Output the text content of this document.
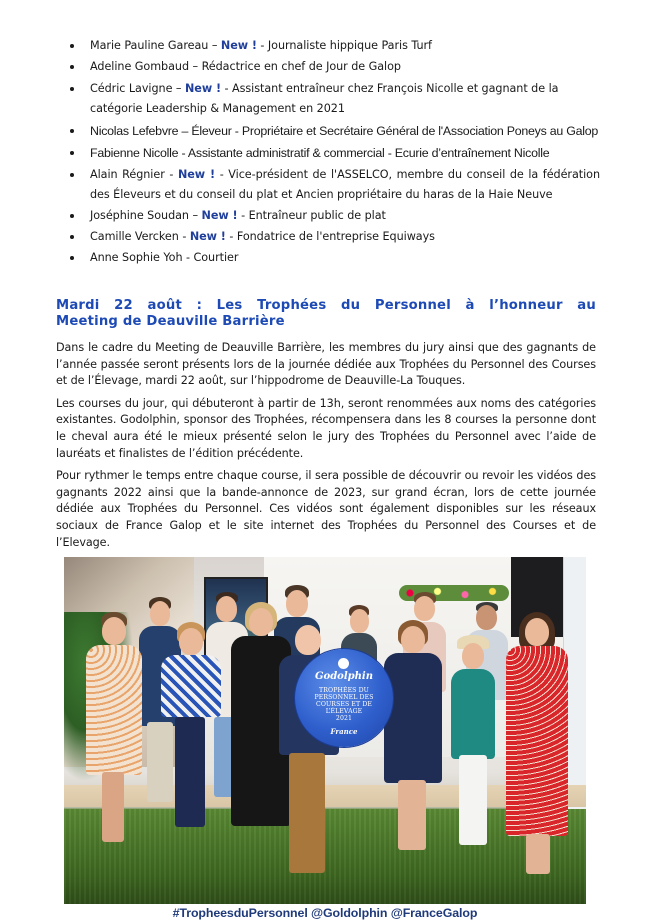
Marie Pauline Gareau – New ! - Journaliste hippique Paris Turf
Adeline Gombaud – Rédactrice en chef de Jour de Galop
Cédric Lavigne – New ! - Assistant entraîneur chez François Nicolle et gagnant de la catégorie Leadership & Management en 2021
Nicolas Lefebvre – Éleveur - Propriétaire et Secrétaire Général de l'Association Poneys au Galop
Fabienne Nicolle - Assistante administratif & commercial - Ecurie d’entraînement Nicolle
Alain Régnier - New ! - Vice-président de l'ASSELCO, membre du conseil de la fédération des Éleveurs et du conseil du plat et Ancien propriétaire du haras de la Haie Neuve
Joséphine Soudan – New ! - Entraîneur public de plat
Camille Vercken - New ! - Fondatrice de l'entreprise Equiways
Anne Sophie Yoh - Courtier
Mardi 22 août : Les Trophées du Personnel à l’honneur au
Meeting de Deauville Barrière

Dans le cadre du Meeting de Deauville Barrière, les membres du jury ainsi que des gagnants de l’année passée seront présents lors de la journée dédiée aux Trophées du Personnel des Courses et de l’Élevage, mardi 22 août, sur l’hippodrome de Deauville-La Touques.

Les courses du jour, qui débuteront à partir de 13h, seront renommées aux noms des catégories existantes. Godolphin, sponsor des Trophées, récompensera dans les 8 courses la personne dont le cheval aura été le mieux présenté selon le jury des Trophées du Personnel avec l’aide de lauréats et finalistes de l’édition précédente.

Pour rythmer le temps entre chaque course, il sera possible de découvrir ou revoir les vidéos des gagnants 2022 ainsi que la bande-annonce de 2023, sur grand écran, lors de cette journée dédiée aux Trophées du Personnel. Ces vidéos sont également disponibles sur les réseaux sociaux de France Galop et le site internet des Trophées du Personnel des Courses et de l’Elevage.

Godolphin
TROPHÉES DU PERSONNEL DES COURSES ET DE L’ÉLEVAGE
2021
France
#TropheesduPersonnel @Goldolphin @FranceGalop
